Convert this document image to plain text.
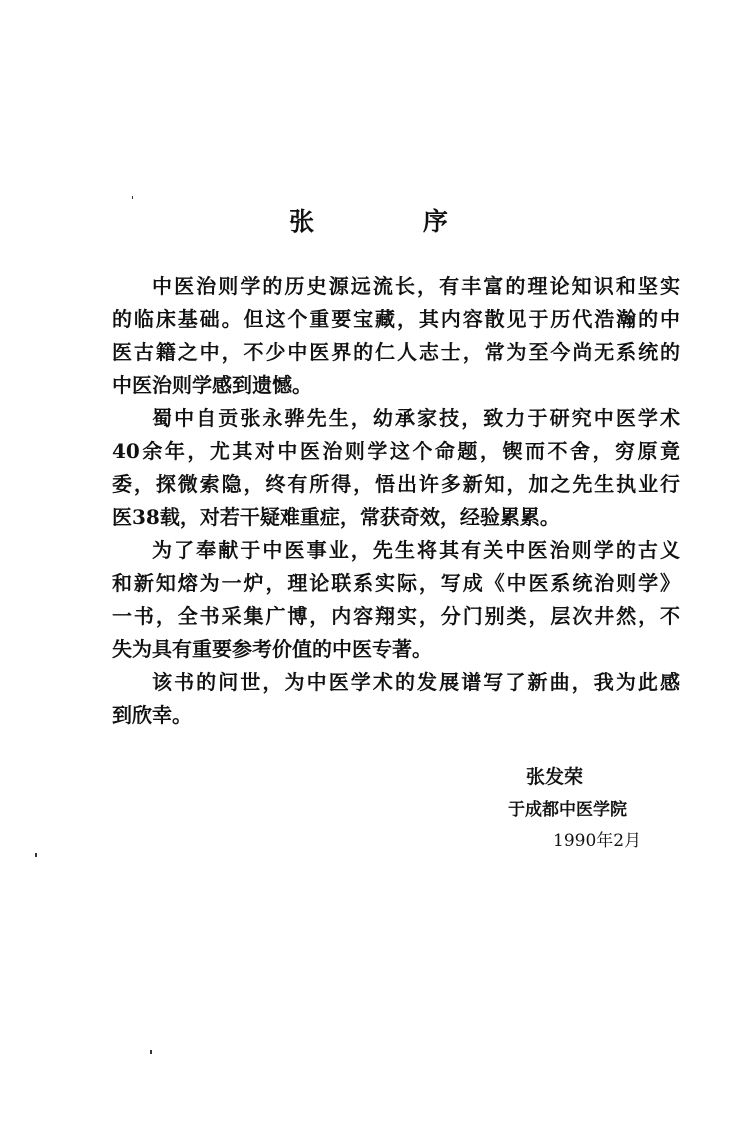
张 序
中医治则学的历史源远流长，有丰富的理论知识和坚实
的临床基础。但这个重要宝藏，其内容散见于历代浩瀚的中
医古籍之中，不少中医界的仁人志士，常为至今尚无系统的
中医治则学感到遗憾。
蜀中自贡张永骅先生，幼承家技，致力于研究中医学术
40余年，尤其对中医治则学这个命题，锲而不舍，穷原竟
委，探微索隐，终有所得，悟出许多新知，加之先生执业行
医38载，对若干疑难重症，常获奇效，经验累累。
为了奉献于中医事业，先生将其有关中医治则学的古义
和新知熔为一炉，理论联系实际，写成《中医系统治则学》
一书，全书采集广博，内容翔实，分门别类，层次井然，不
失为具有重要参考价值的中医专著。
该书的问世，为中医学术的发展谱写了新曲，我为此感
到欣幸。
张发荣
于成都中医学院
1990年2月
